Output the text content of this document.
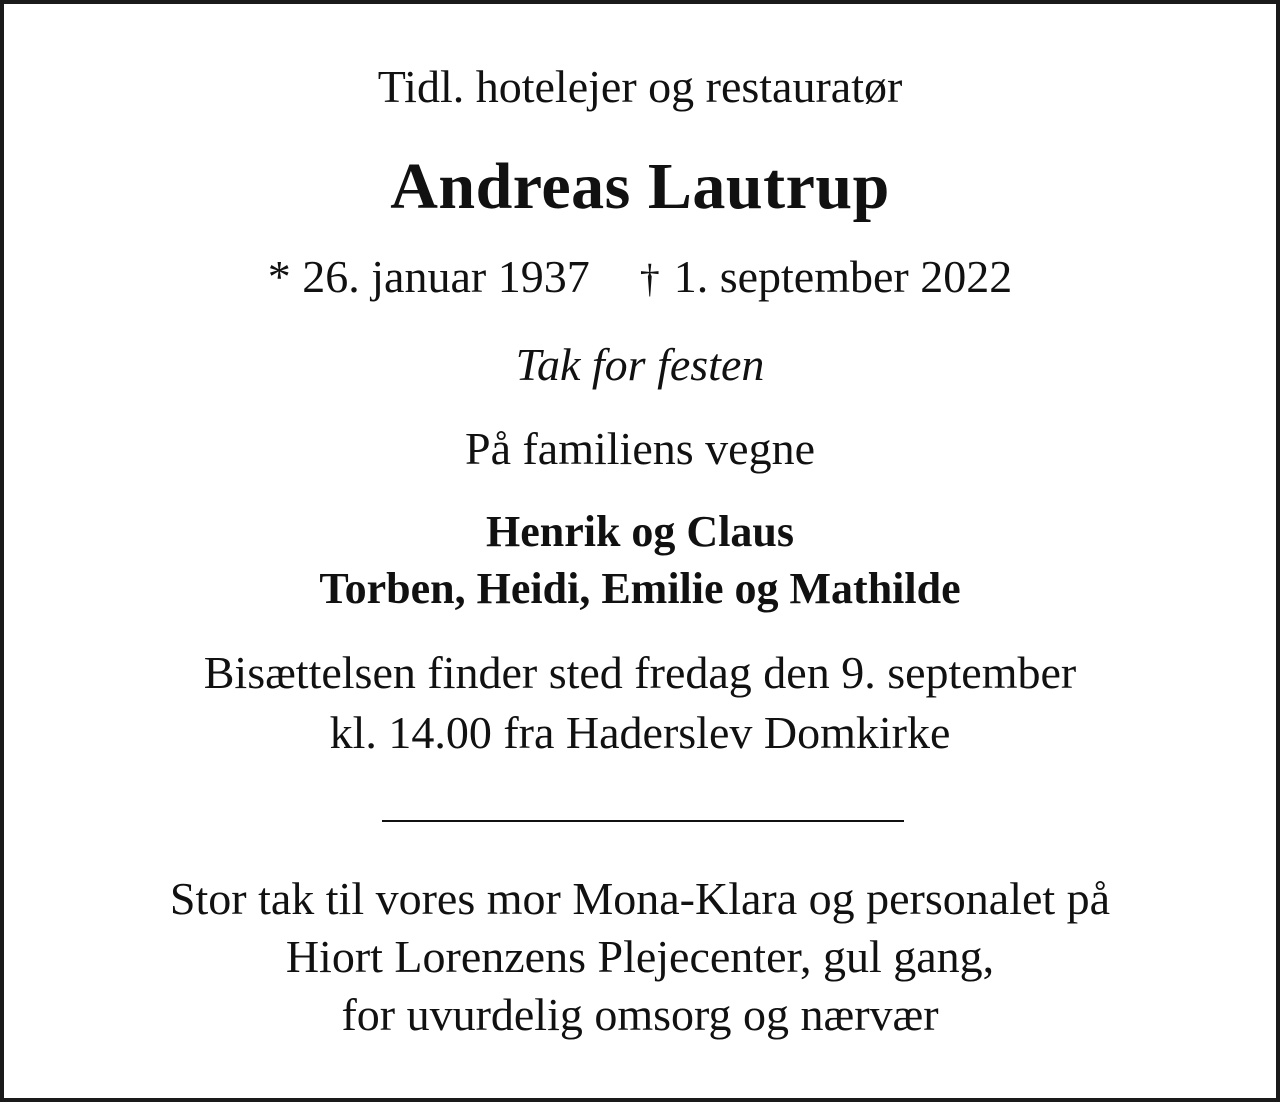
Tidl. hotelejer og restauratør
Andreas Lautrup
* 26. januar 1937 † 1. september 2022
Tak for festen
På familiens vegne
Henrik og Claus
Torben, Heidi, Emilie og Mathilde
Bisættelsen finder sted fredag den 9. september
kl. 14.00 fra Haderslev Domkirke
Stor tak til vores mor Mona-Klara og personalet på
Hiort Lorenzens Plejecenter, gul gang,
for uvurdelig omsorg og nærvær
